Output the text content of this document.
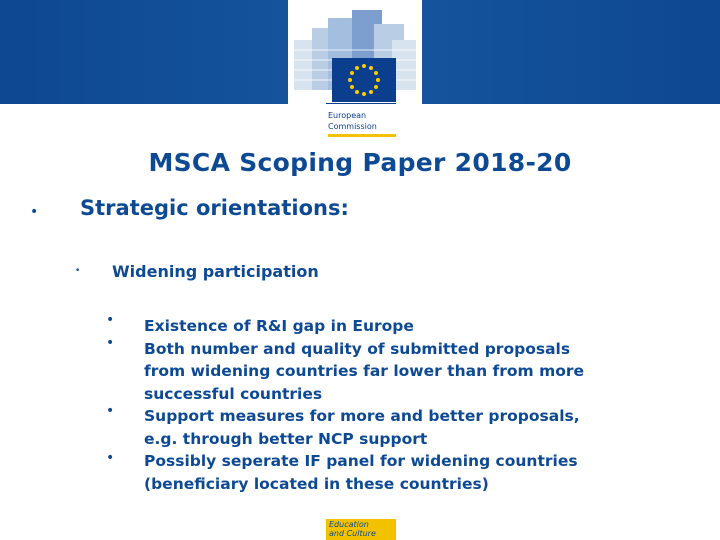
European
Commission
MSCA Scoping Paper 2018-20
• Strategic orientations:
• Widening participation
•
•
•
•
Existence of R&I gap in Europe
Both number and quality of submitted proposals
from widening countries far lower than from more
successful countries
Support measures for more and better proposals,
e.g. through better NCP support
Possibly seperate IF panel for widening countries
(beneficiary located in these countries)
Education
and Culture
